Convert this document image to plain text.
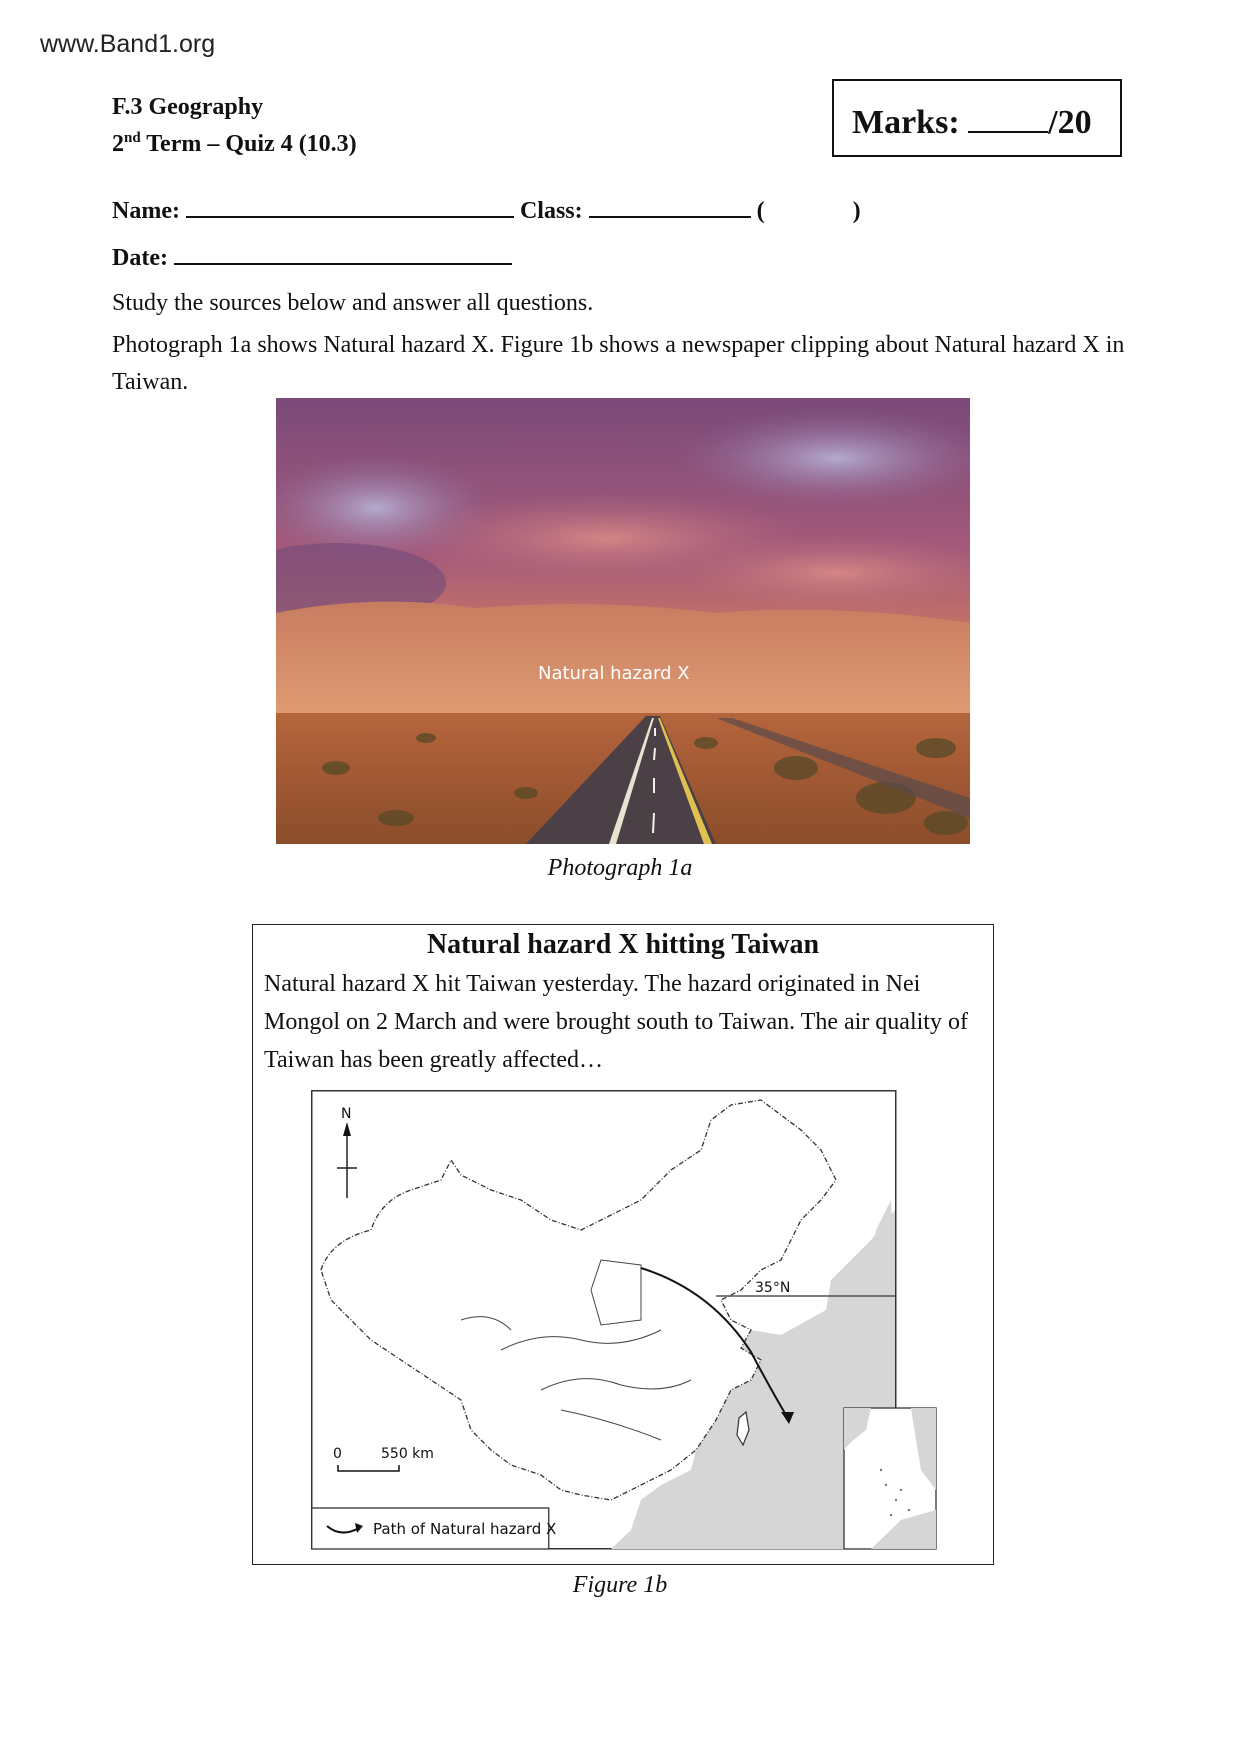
www.Band1.org
F.3 Geography
2nd Term – Quiz 4 (10.3)
Marks:	/20
Name:	Class:	(	)
Date:
Study the sources below and answer all questions.
Photograph 1a shows Natural hazard X. Figure 1b shows a newspaper clipping about Natural hazard X in Taiwan.
Natural hazard X
Photograph 1a
Natural hazard X hitting Taiwan
Natural hazard X hit Taiwan yesterday. The hazard originated in Nei Mongol on 2 March and were brought south to Taiwan. The air quality of Taiwan has been greatly affected…
35°N
N
0	550 km
Path of Natural hazard X
Figure 1b
